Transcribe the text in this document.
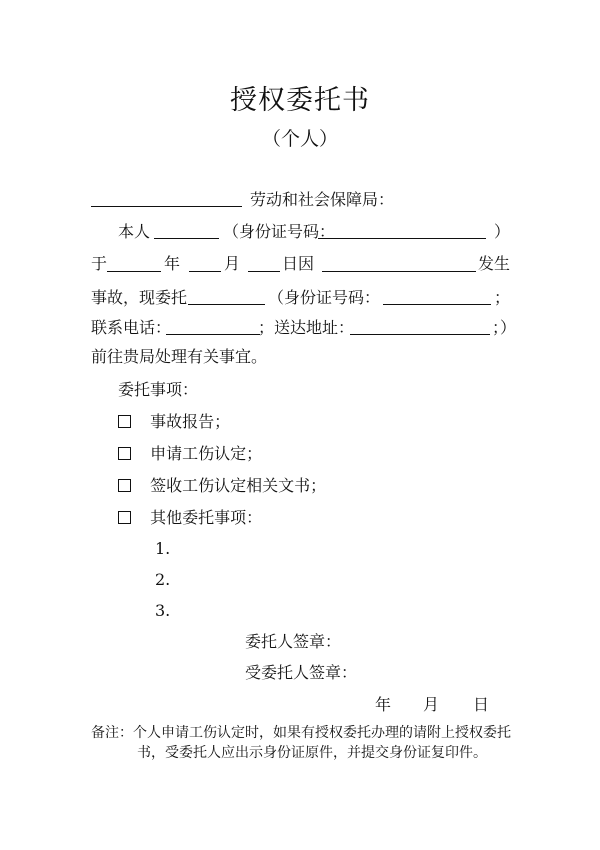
授权委托书
（个人）
劳动和社会保障局：
本人	（身份证号码：	）
于	年	月	日因	发生
事故，现委托	（身份证号码：	；
联系电话：	；送达地址：	；）
前往贵局处理有关事宜。
委托事项：
事故报告；
申请工伤认定；
签收工伤认定相关文书；
其他委托事项：
1.
2.
3.
委托人签章：
受委托人签章：
年 月 日
备注：个人申请工伤认定时，如果有授权委托办理的请附上授权委托
书，受委托人应出示身份证原件，并提交身份证复印件。
